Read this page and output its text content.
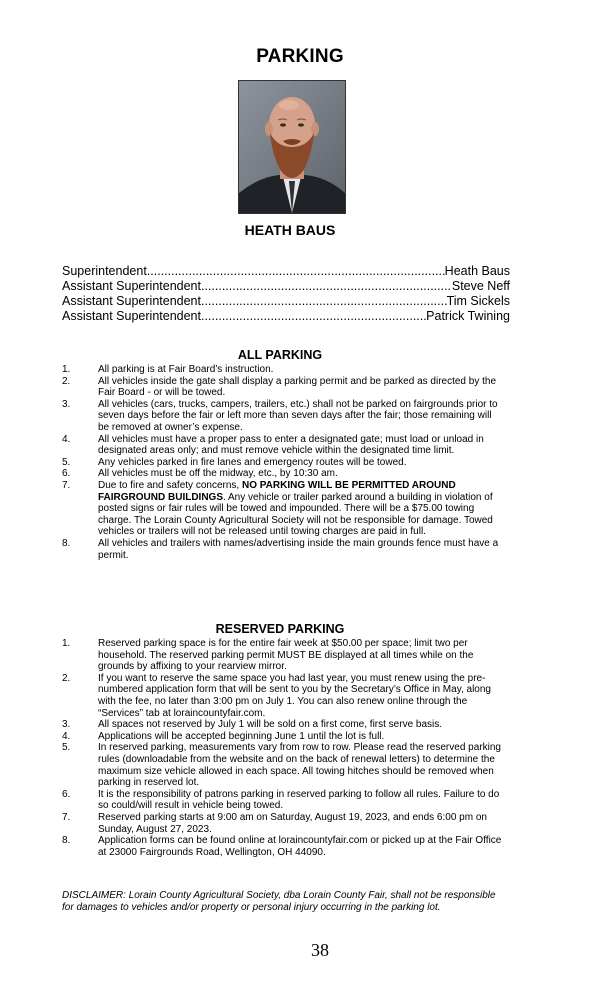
PARKING
HEATH BAUS
Superintendent .....	Heath Baus
Assistant Superintendent .....	Steve Neff
Assistant Superintendent .....	Tim Sickels
Assistant Superintendent .....	Patrick Twining
ALL PARKING
1.	All parking is at Fair Board’s instruction.
2.	All vehicles inside the gate shall display a parking permit and be parked as directed by the Fair Board - or will be towed.
3.	All vehicles (cars, trucks, campers, trailers, etc.) shall not be parked on fairgrounds prior to seven days before the fair or left more than seven days after the fair; those remaining will be removed at owner’s expense.
4.	All vehicles must have a proper pass to enter a designated gate; must load or unload in designated areas only; and must remove vehicle within the designated time limit.
5.	Any vehicles parked in fire lanes and emergency routes will be towed.
6.	All vehicles must be off the midway, etc., by 10:30 am.
7.	Due to fire and safety concerns, NO PARKING WILL BE PERMITTED AROUND FAIRGROUND BUILDINGS. Any vehicle or trailer parked around a building in violation of posted signs or fair rules will be towed and impounded. There will be a $75.00 towing charge. The Lorain County Agricultural Society will not be responsible for damage. Towed vehicles or trailers will not be released until towing charges are paid in full.
8.	All vehicles and trailers with names/advertising inside the main grounds fence must have a permit.
RESERVED PARKING
1.	Reserved parking space is for the entire fair week at $50.00 per space; limit two per household. The reserved parking permit MUST BE displayed at all times while on the grounds by affixing to your rearview mirror.
2.	If you want to reserve the same space you had last year, you must renew using the pre-numbered application form that will be sent to you by the Secretary’s Office in May, along with the fee, no later than 3:00 pm on July 1. You can also renew online through the “Services” tab at loraincountyfair.com.
3.	All spaces not reserved by July 1 will be sold on a first come, first serve basis.
4.	Applications will be accepted beginning June 1 until the lot is full.
5.	In reserved parking, measurements vary from row to row. Please read the reserved parking rules (downloadable from the website and on the back of renewal letters) to determine the maximum size vehicle allowed in each space. All towing hitches should be removed when parking in reserved lot.
6.	It is the responsibility of patrons parking in reserved parking to follow all rules. Failure to do so could/will result in vehicle being towed.
7.	Reserved parking starts at 9:00 am on Saturday, August 19, 2023, and ends 6:00 pm on Sunday, August 27, 2023.
8.	Application forms can be found online at loraincountyfair.com or picked up at the Fair Office at 23000 Fairgrounds Road, Wellington, OH 44090.
DISCLAIMER: Lorain County Agricultural Society, dba Lorain County Fair, shall not be responsible for damages to vehicles and/or property or personal injury occurring in the parking lot.
38
